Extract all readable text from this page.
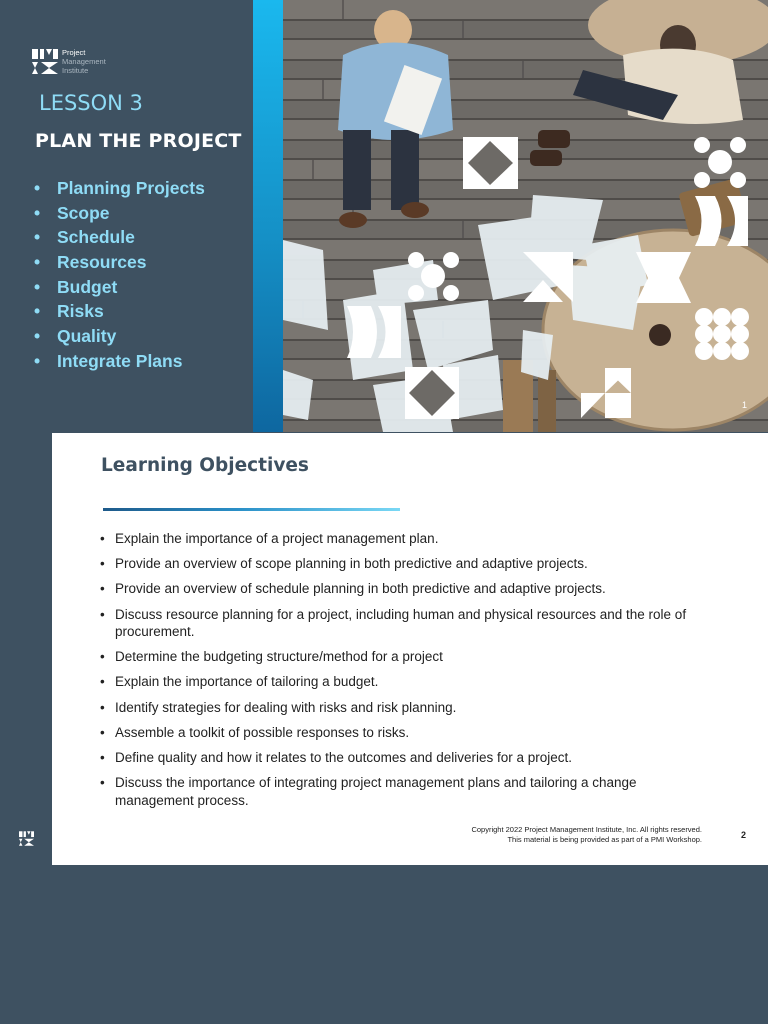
Project
Management
Institute
LESSON 3
PLAN THE PROJECT
• Planning Projects
• Scope
• Schedule
• Resources
• Budget
• Risks
• Quality
• Integrate Plans
1
Learning Objectives
• Explain the importance of a project management plan.
• Provide an overview of scope planning in both predictive and adaptive projects.
• Provide an overview of schedule planning in both predictive and adaptive projects.
• Discuss resource planning for a project, including human and physical resources and the role of procurement.
• Determine the budgeting structure/method for a project
• Explain the importance of tailoring a budget.
• Identify strategies for dealing with risks and risk planning.
• Assemble a toolkit of possible responses to risks.
• Define quality and how it relates to the outcomes and deliveries for a project.
• Discuss the importance of integrating project management plans and tailoring a change management process.
Copyright 2022 Project Management Institute, Inc. All rights reserved.
This material is being provided as part of a PMI Workshop.	2
